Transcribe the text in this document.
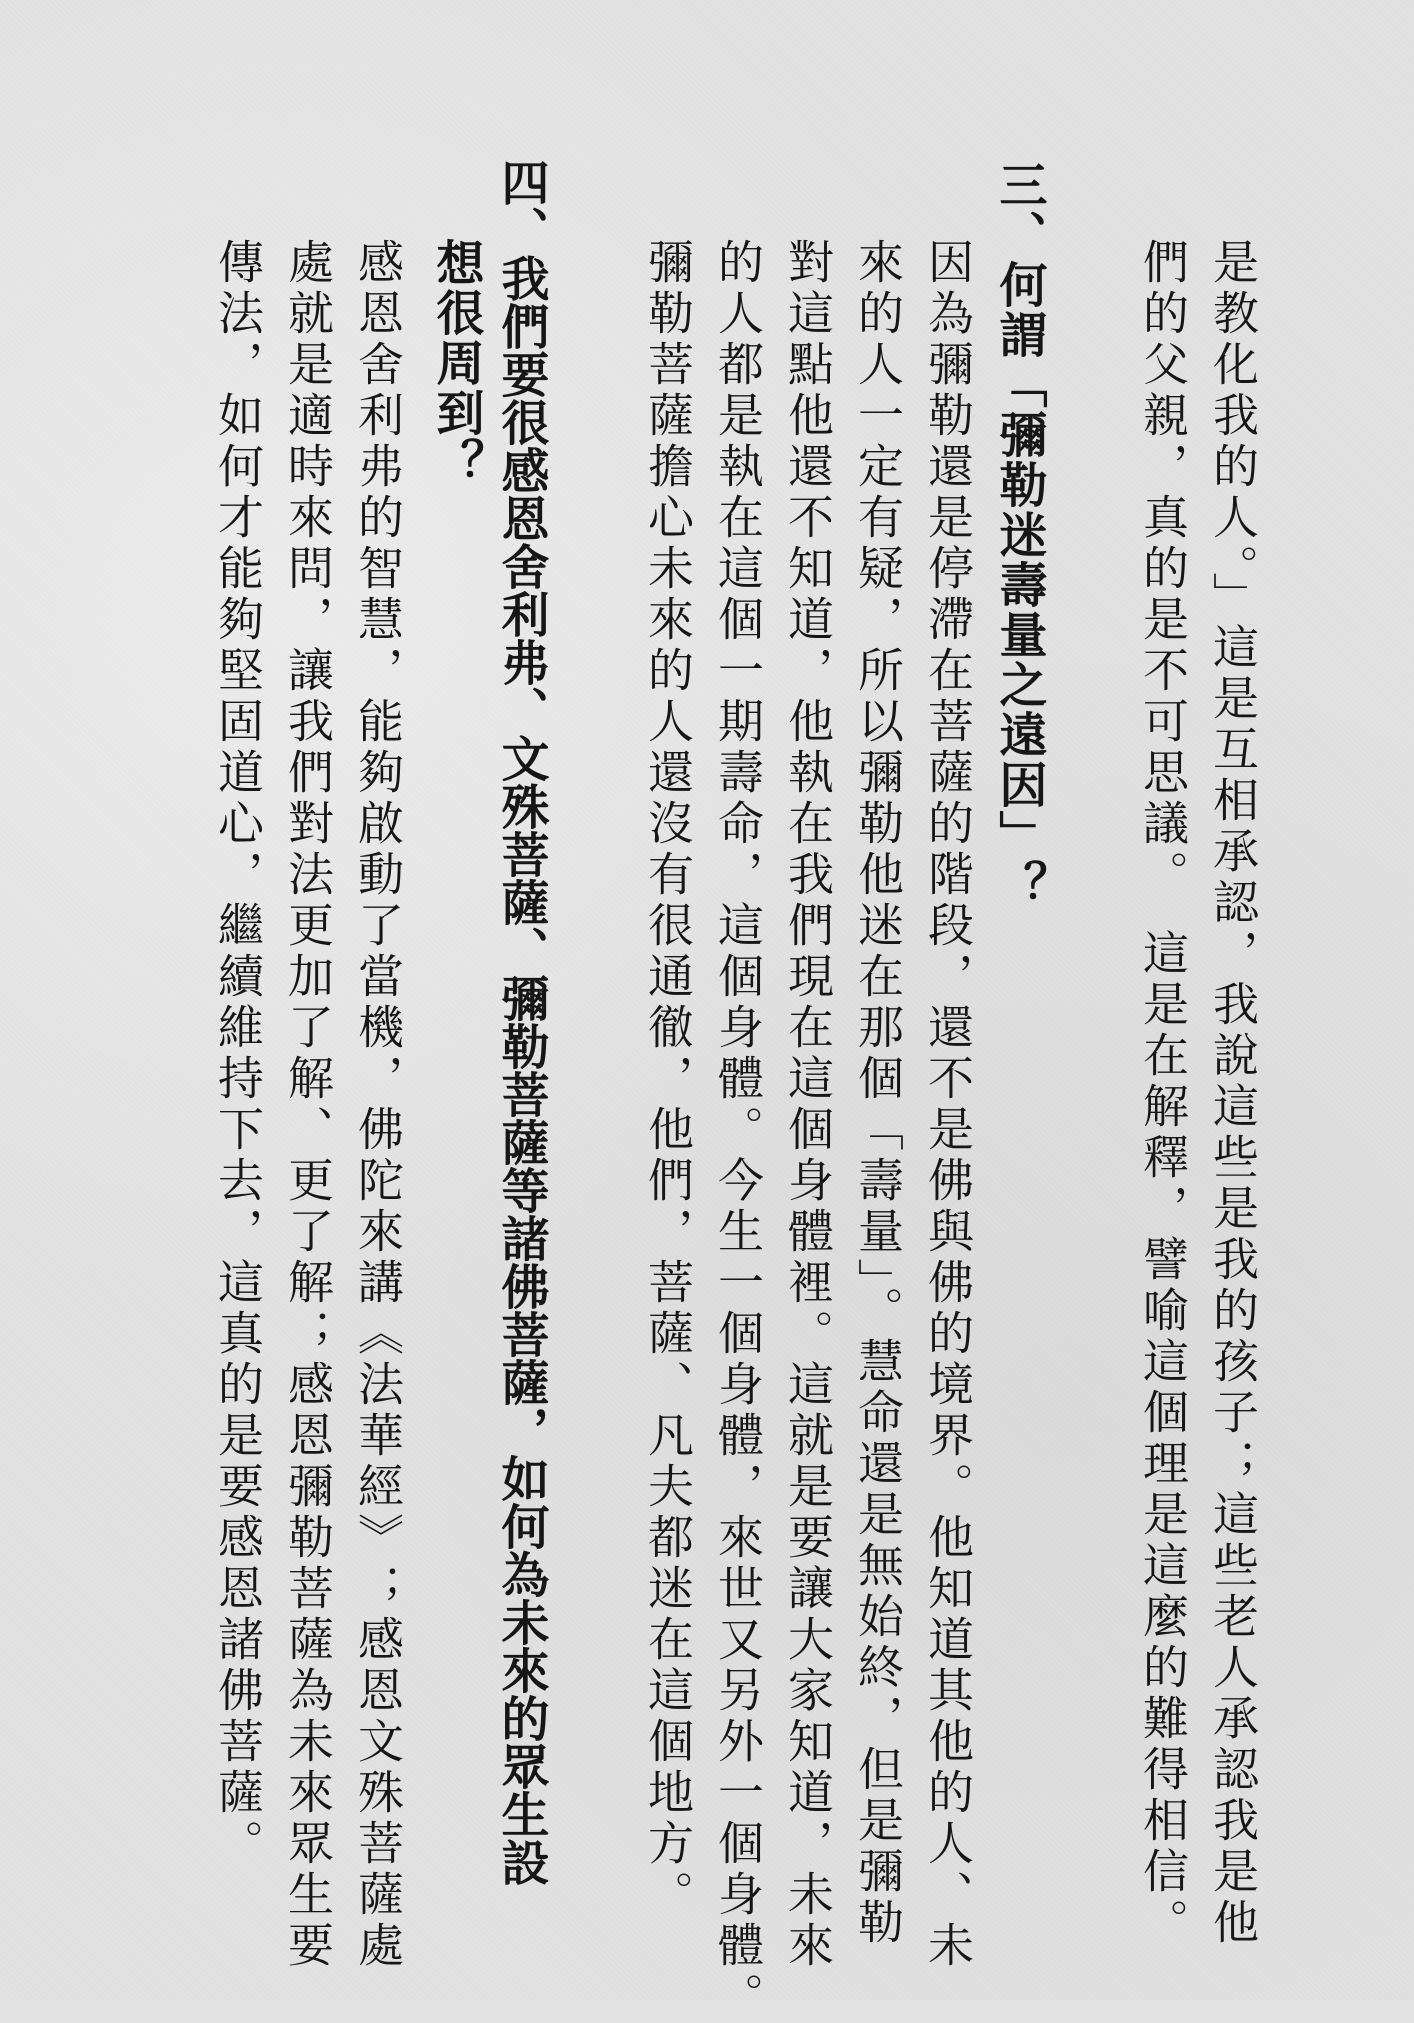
是教化我的人。」這是互相承認，我說這些是我的孩子；這些老人承認我是他
們的父親，真的是不可思議。　這是在解釋，譬喻這個理是這麼的難得相信。
三、何謂「彌勒迷壽量之遠因」？
因為彌勒還是停滯在菩薩的階段，還不是佛與佛的境界。他知道其他的人、未
來的人一定有疑，所以彌勒他迷在那個「壽量」。慧命還是無始終，但是彌勒
對這點他還不知道，他執在我們現在這個身體裡。這就是要讓大家知道，未來
的人都是執在這個一期壽命，這個身體。今生一個身體，來世又另外一個身體。
彌勒菩薩擔心未來的人還沒有很通徹，他們，菩薩、凡夫都迷在這個地方。
四、我們要很感恩舍利弗、文殊菩薩、彌勒菩薩等諸佛菩薩，如何為未來的眾生設
想很周到？
感恩舍利弗的智慧，能夠啟動了當機，佛陀來講《法華經》；感恩文殊菩薩處
處就是適時來問，讓我們對法更加了解、更了解；感恩彌勒菩薩為未來眾生要
傳法，如何才能夠堅固道心，繼續維持下去，這真的是要感恩諸佛菩薩。
